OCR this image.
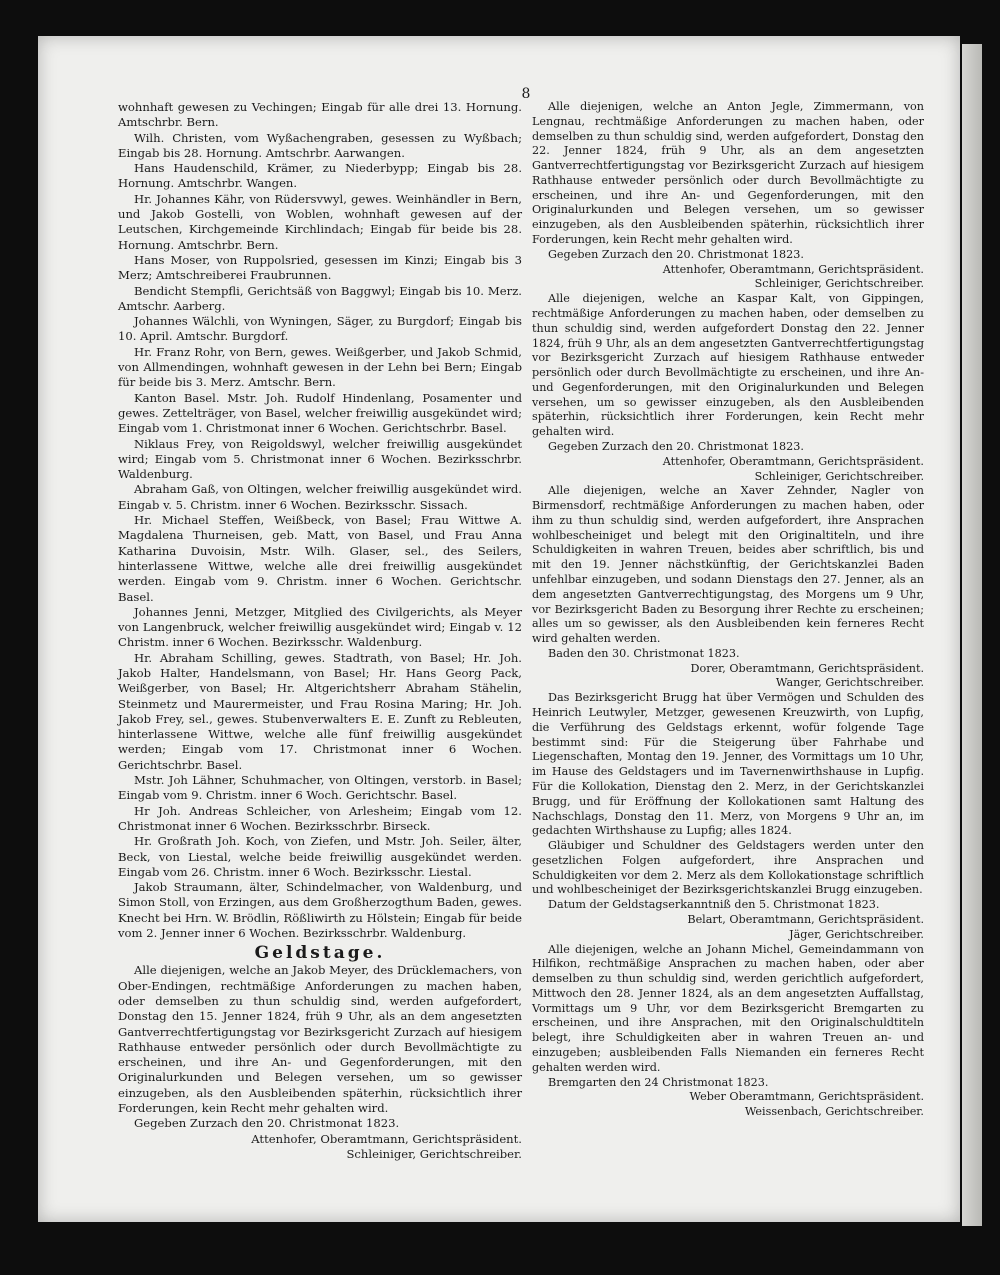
8

wohnhaft gewesen zu Vechingen; Eingab für alle drei 13. Hornung. Amtschrbr. Bern.

Wilh. Christen, vom Wyßachengraben, gesessen zu Wyßbach; Eingab bis 28. Hornung. Amtschrbr. Aarwangen.

Hans Haudenschild, Krämer, zu Niederbypp; Eingab bis 28. Hornung. Amtschrbr. Wangen.

Hr. Johannes Kähr, von Rüdersvwyl, gewes. Weinhändler in Bern, und Jakob Gostelli, von Woblen, wohnhaft gewesen auf der Leutschen, Kirchgemeinde Kirchlindach; Eingab für beide bis 28. Hornung. Amtschrbr. Bern.

Hans Moser, von Ruppolsried, gesessen im Kinzi; Eingab bis 3 Merz; Amtschreiberei Fraubrunnen.

Bendicht Stempfli, Gerichtsäß von Baggwyl; Eingab bis 10. Merz. Amtschr. Aarberg.

Johannes Wälchli, von Wyningen, Säger, zu Burgdorf; Eingab bis 10. April. Amtschr. Burgdorf.

Hr. Franz Rohr, von Bern, gewes. Weißgerber, und Jakob Schmid, von Allmendingen, wohnhaft gewesen in der Lehn bei Bern; Eingab für beide bis 3. Merz. Amtschr. Bern.

Kanton Basel. Mstr. Joh. Rudolf Hindenlang, Posamenter und gewes. Zettelträger, von Basel, welcher freiwillig ausgekündet wird; Eingab vom 1. Christmonat inner 6 Wochen. Gerichtschrbr. Basel.

Niklaus Frey, von Reigoldswyl, welcher freiwillig ausgekündet wird; Eingab vom 5. Christmonat inner 6 Wochen. Bezirksschrbr. Waldenburg.

Abraham Gaß, von Oltingen, welcher freiwillig ausgekündet wird. Eingab v. 5. Christm. inner 6 Wochen. Bezirksschr. Sissach.

Hr. Michael Steffen, Weißbeck, von Basel; Frau Wittwe A. Magdalena Thurneisen, geb. Matt, von Basel, und Frau Anna Katharina Duvoisin, Mstr. Wilh. Glaser, sel., des Seilers, hinterlassene Wittwe, welche alle drei freiwillig ausgekündet werden. Eingab vom 9. Christm. inner 6 Wochen. Gerichtschr. Basel.

Johannes Jenni, Metzger, Mitglied des Civilgerichts, als Meyer von Langenbruck, welcher freiwillig ausgekündet wird; Eingab v. 12 Christm. inner 6 Wochen. Bezirksschr. Waldenburg.

Hr. Abraham Schilling, gewes. Stadtrath, von Basel; Hr. Joh. Jakob Halter, Handelsmann, von Basel; Hr. Hans Georg Pack, Weißgerber, von Basel; Hr. Altgerichtsherr Abraham Stähelin, Steinmetz und Maurermeister, und Frau Rosina Maring; Hr. Joh. Jakob Frey, sel., gewes. Stubenverwalters E. E. Zunft zu Rebleuten, hinterlassene Wittwe, welche alle fünf freiwillig ausgekündet werden; Eingab vom 17. Christmonat inner 6 Wochen. Gerichtschrbr. Basel.

Mstr. Joh Lähner, Schuhmacher, von Oltingen, verstorb. in Basel; Eingab vom 9. Christm. inner 6 Woch. Gerichtschr. Basel.

Hr Joh. Andreas Schleicher, von Arlesheim; Eingab vom 12. Christmonat inner 6 Wochen. Bezirksschrbr. Birseck.

Hr. Großrath Joh. Koch, von Ziefen, und Mstr. Joh. Seiler, älter, Beck, von Liestal, welche beide freiwillig ausgekündet werden. Eingab vom 26. Christm. inner 6 Woch. Bezirksschr. Liestal.

Jakob Straumann, älter, Schindelmacher, von Waldenburg, und Simon Stoll, von Erzingen, aus dem Großherzogthum Baden, gewes. Knecht bei Hrn. W. Brödlin, Rößliwirth zu Hölstein; Eingab für beide vom 2. Jenner inner 6 Wochen. Bezirksschrbr. Waldenburg.

Geldstage.

Alle diejenigen, welche an Jakob Meyer, des Drücklemachers, von Ober-Endingen, rechtmäßige Anforderungen zu machen haben, oder demselben zu thun schuldig sind, werden aufgefordert, Donstag den 15. Jenner 1824, früh 9 Uhr, als an dem angesetzten Gantverrechtfertigungstag vor Bezirksgericht Zurzach auf hiesigem Rathhause entweder persönlich oder durch Bevollmächtigte zu erscheinen, und ihre An- und Gegenforderungen, mit den Originalurkunden und Belegen versehen, um so gewisser einzugeben, als den Ausbleibenden späterhin, rücksichtlich ihrer Forderungen, kein Recht mehr gehalten wird.

Gegeben Zurzach den 20. Christmonat 1823.

Attenhofer, Oberamtmann, Gerichtspräsident.

Schleiniger, Gerichtschreiber.

Alle diejenigen, welche an Anton Jegle, Zimmermann, von Lengnau, rechtmäßige Anforderungen zu machen haben, oder demselben zu thun schuldig sind, werden aufgefordert, Donstag den 22. Jenner 1824, früh 9 Uhr, als an dem angesetzten Gantverrechtfertigungstag vor Bezirksgericht Zurzach auf hiesigem Rathhause entweder persönlich oder durch Bevollmächtigte zu erscheinen, und ihre An- und Gegenforderungen, mit den Originalurkunden und Belegen versehen, um so gewisser einzugeben, als den Ausbleibenden späterhin, rücksichtlich ihrer Forderungen, kein Recht mehr gehalten wird.

Gegeben Zurzach den 20. Christmonat 1823.

Attenhofer, Oberamtmann, Gerichtspräsident.

Schleiniger, Gerichtschreiber.

Alle diejenigen, welche an Kaspar Kalt, von Gippingen, rechtmäßige Anforderungen zu machen haben, oder demselben zu thun schuldig sind, werden aufgefordert Donstag den 22. Jenner 1824, früh 9 Uhr, als an dem angesetzten Gantverrechtfertigungstag vor Bezirksgericht Zurzach auf hiesigem Rathhause entweder persönlich oder durch Bevollmächtigte zu erscheinen, und ihre An- und Gegenforderungen, mit den Originalurkunden und Belegen versehen, um so gewisser einzugeben, als den Ausbleibenden späterhin, rücksichtlich ihrer Forderungen, kein Recht mehr gehalten wird.

Gegeben Zurzach den 20. Christmonat 1823.

Attenhofer, Oberamtmann, Gerichtspräsident.

Schleiniger, Gerichtschreiber.

Alle diejenigen, welche an Xaver Zehnder, Nagler von Birmensdorf, rechtmäßige Anforderungen zu machen haben, oder ihm zu thun schuldig sind, werden aufgefordert, ihre Ansprachen wohlbescheiniget und belegt mit den Originaltiteln, und ihre Schuldigkeiten in wahren Treuen, beides aber schriftlich, bis und mit den 19. Jenner nächstkünftig, der Gerichtskanzlei Baden unfehlbar einzugeben, und sodann Dienstags den 27. Jenner, als an dem angesetzten Gantverrechtigungstag, des Morgens um 9 Uhr, vor Bezirksgericht Baden zu Besorgung ihrer Rechte zu erscheinen; alles um so gewisser, als den Ausbleibenden kein ferneres Recht wird gehalten werden.

Baden den 30. Christmonat 1823.

Dorer, Oberamtmann, Gerichtspräsident.

Wanger, Gerichtschreiber.

Das Bezirksgericht Brugg hat über Vermögen und Schulden des Heinrich Leutwyler, Metzger, gewesenen Kreuzwirth, von Lupfig, die Verführung des Geldstags erkennt, wofür folgende Tage bestimmt sind: Für die Steigerung über Fahrhabe und Liegenschaften, Montag den 19. Jenner, des Vormittags um 10 Uhr, im Hause des Geldstagers und im Tavernenwirthshause in Lupfig. Für die Kollokation, Dienstag den 2. Merz, in der Gerichtskanzlei Brugg, und für Eröffnung der Kollokationen samt Haltung des Nachschlags, Donstag den 11. Merz, von Morgens 9 Uhr an, im gedachten Wirthshause zu Lupfig; alles 1824.

Gläubiger und Schuldner des Geldstagers werden unter den gesetzlichen Folgen aufgefordert, ihre Ansprachen und Schuldigkeiten vor dem 2. Merz als dem Kollokationstage schriftlich und wohlbescheiniget der Bezirksgerichtskanzlei Brugg einzugeben.

Datum der Geldstagserkanntniß den 5. Christmonat 1823.

Belart, Oberamtmann, Gerichtspräsident.

Jäger, Gerichtschreiber.

Alle diejenigen, welche an Johann Michel, Gemeindammann von Hilfikon, rechtmäßige Ansprachen zu machen haben, oder aber demselben zu thun schuldig sind, werden gerichtlich aufgefordert, Mittwoch den 28. Jenner 1824, als an dem angesetzten Auffallstag, Vormittags um 9 Uhr, vor dem Bezirksgericht Bremgarten zu erscheinen, und ihre Ansprachen, mit den Originalschuldtiteln belegt, ihre Schuldigkeiten aber in wahren Treuen an- und einzugeben; ausbleibenden Falls Niemanden ein ferneres Recht gehalten werden wird.

Bremgarten den 24 Christmonat 1823.

Weber Oberamtmann, Gerichtspräsident.

Weissenbach, Gerichtschreiber.
